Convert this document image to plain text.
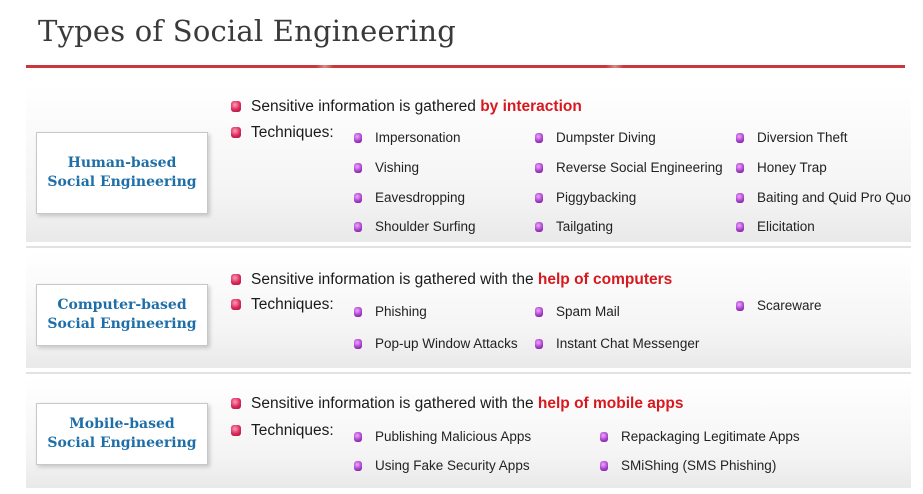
Types of Social Engineering
Human-based
Social Engineering
Sensitive information is gathered by interaction
Techniques:	Impersonation	Dumpster Diving	Diversion Theft
Vishing	Reverse Social Engineering	Honey Trap
Eavesdropping	Piggybacking	Baiting and Quid Pro Quo
Shoulder Surfing	Tailgating	Elicitation
Computer-based
Social Engineering
Sensitive information is gathered with the help of computers
Techniques:	Phishing	Spam Mail	Scareware
Pop-up Window Attacks	Instant Chat Messenger
Mobile-based
Social Engineering
Sensitive information is gathered with the help of mobile apps
Techniques:	Publishing Malicious Apps	Repackaging Legitimate Apps
Using Fake Security Apps	SMiShing (SMS Phishing)
